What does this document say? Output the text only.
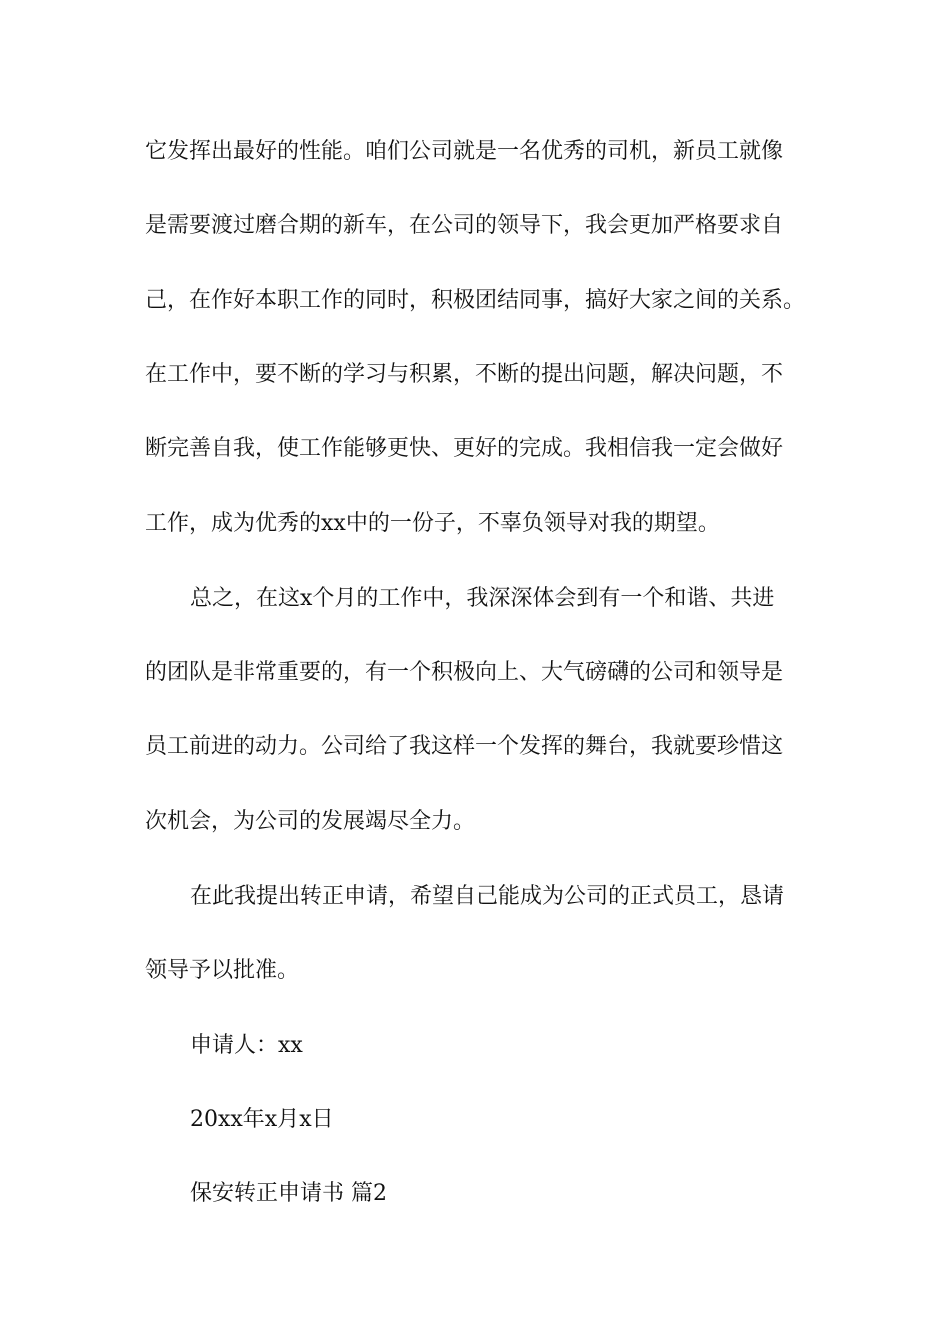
它发挥出最好的性能。咱们公司就是一名优秀的司机，新员工就像
是需要渡过磨合期的新车，在公司的领导下，我会更加严格要求自
己，在作好本职工作的同时，积极团结同事，搞好大家之间的关系。
在工作中，要不断的学习与积累，不断的提出问题，解决问题，不
断完善自我，使工作能够更快、更好的完成。我相信我一定会做好
工作，成为优秀的xx中的一份子，不辜负领导对我的期望。
总之，在这x个月的工作中，我深深体会到有一个和谐、共进
的团队是非常重要的，有一个积极向上、大气磅礴的公司和领导是
员工前进的动力。公司给了我这样一个发挥的舞台，我就要珍惜这
次机会，为公司的发展竭尽全力。
在此我提出转正申请，希望自己能成为公司的正式员工，恳请
领导予以批准。
申请人：xx
20xx年x月x日
保安转正申请书 篇2
